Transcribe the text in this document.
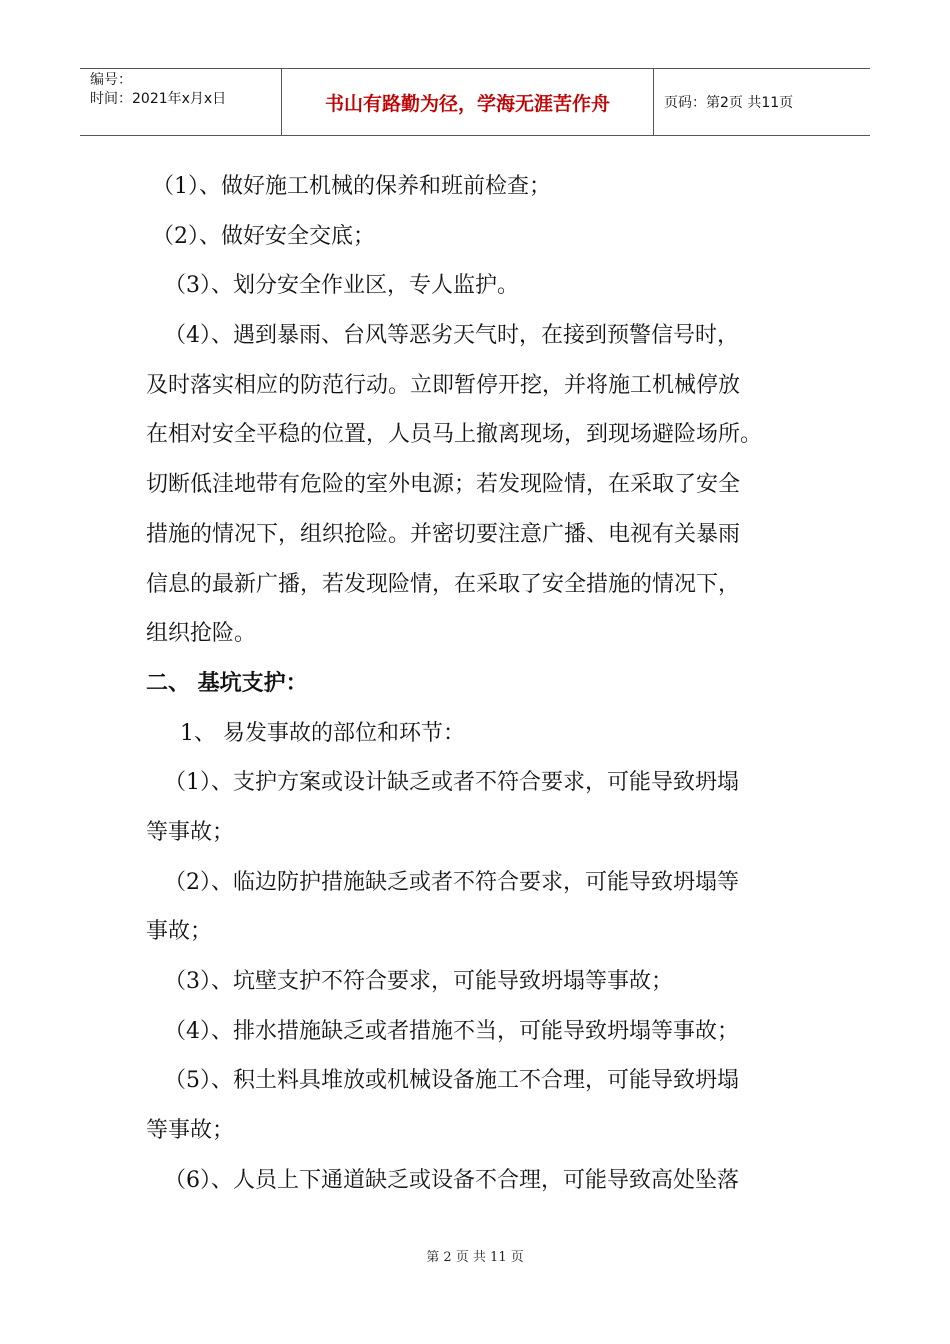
编号：
时间：2021年x月x日	书山有路勤为径，学海无涯苦作舟	页码：第2页 共11页
（1）、做好施工机械的保养和班前检查；
（2）、做好安全交底；
（3）、划分安全作业区，专人监护。
（4）、遇到暴雨、台风等恶劣天气时，在接到预警信号时，
及时落实相应的防范行动。立即暂停开挖，并将施工机械停放
在相对安全平稳的位置，人员马上撤离现场，到现场避险场所。
切断低洼地带有危险的室外电源；若发现险情，在采取了安全
措施的情况下，组织抢险。并密切要注意广播、电视有关暴雨
信息的最新广播，若发现险情，在采取了安全措施的情况下，
组织抢险。
二、 基坑支护：
1、 易发事故的部位和环节：
（1）、支护方案或设计缺乏或者不符合要求，可能导致坍塌
等事故；
（2）、临边防护措施缺乏或者不符合要求，可能导致坍塌等
事故；
（3）、坑壁支护不符合要求，可能导致坍塌等事故；
（4）、排水措施缺乏或者措施不当，可能导致坍塌等事故；
（5）、积土料具堆放或机械设备施工不合理，可能导致坍塌
等事故；
（6）、人员上下通道缺乏或设备不合理，可能导致高处坠落
第 2 页 共 11 页
